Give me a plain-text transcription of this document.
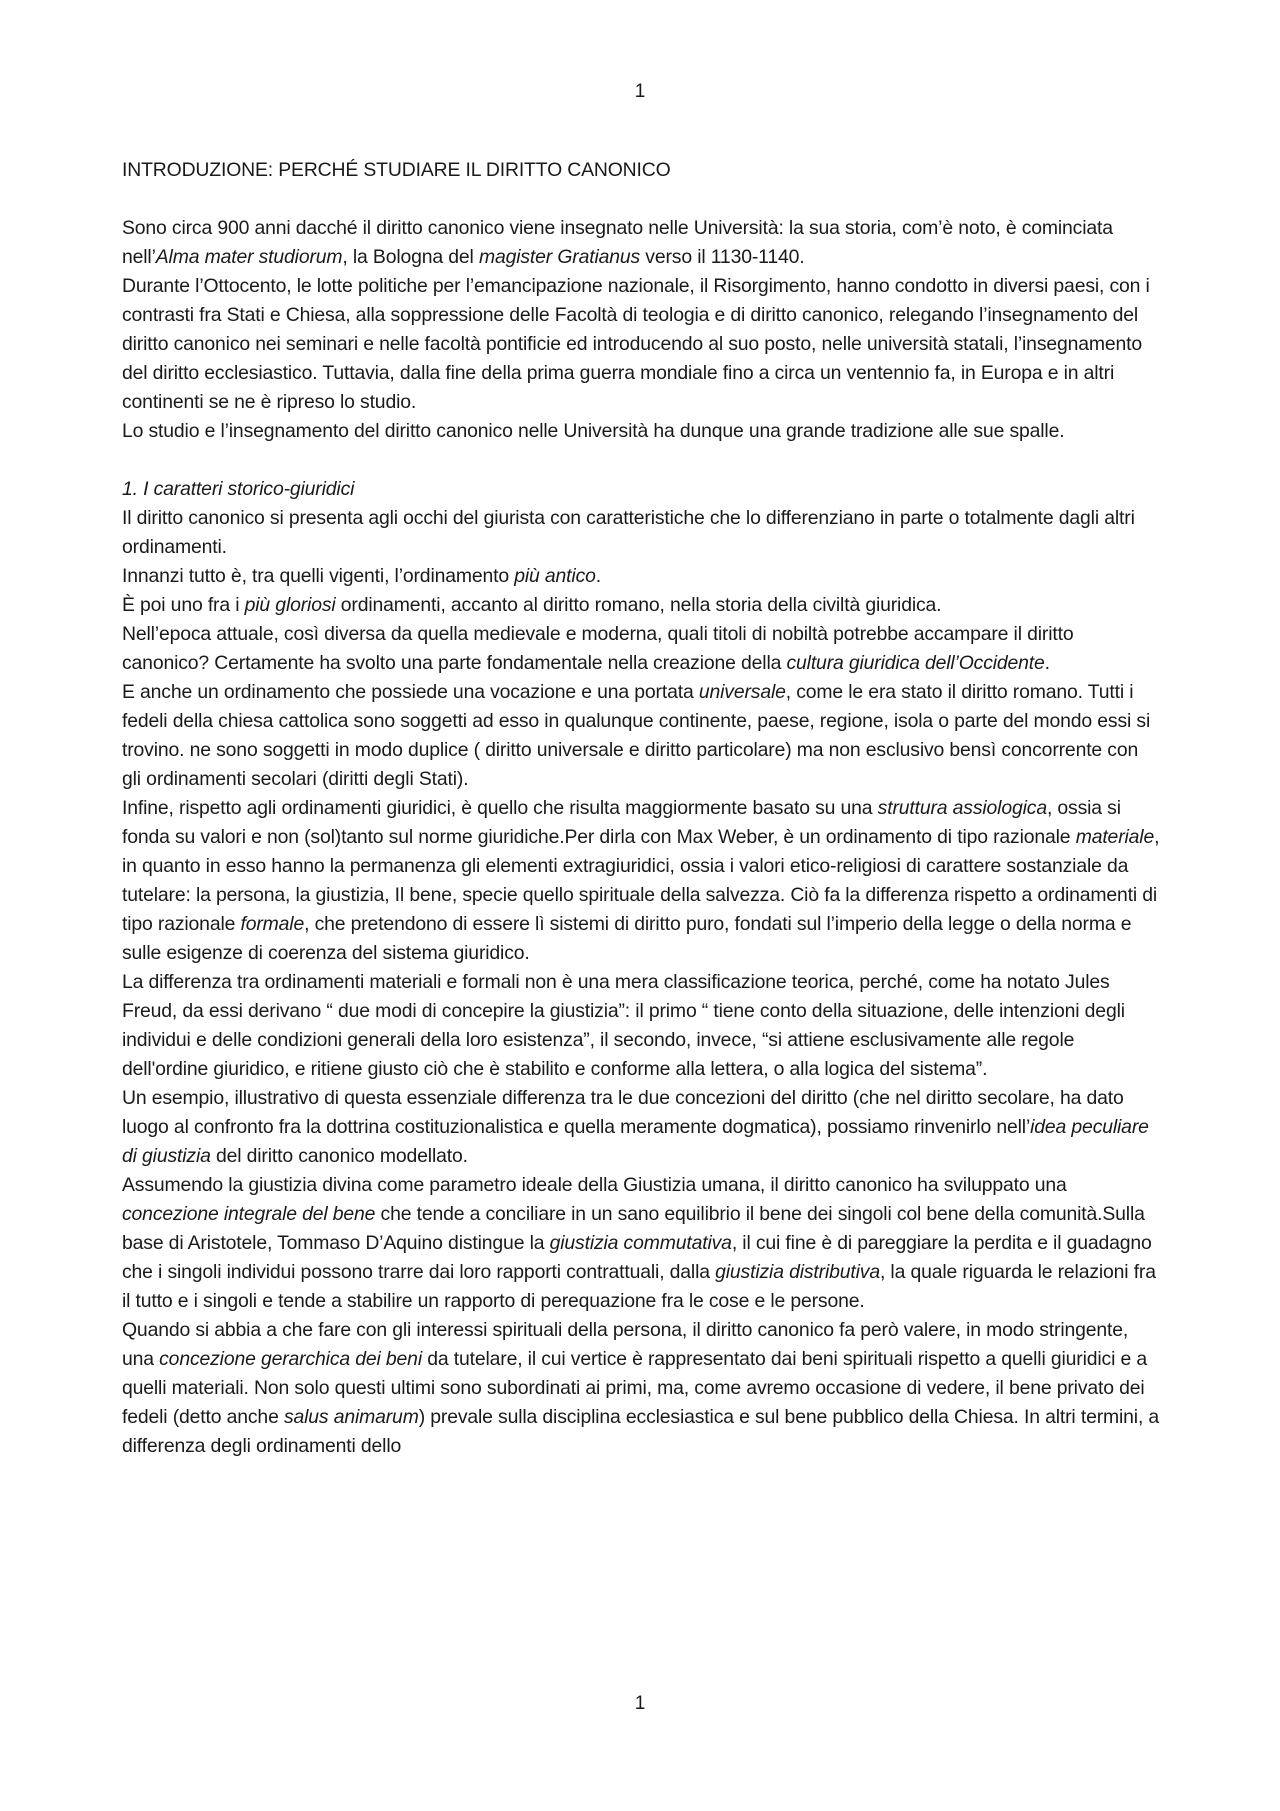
1

INTRODUZIONE: PERCHÉ STUDIARE IL DIRITTO CANONICO

Sono circa 900 anni dacché il diritto canonico viene insegnato nelle Università: la sua storia, com’è noto, è cominciata nell’Alma mater studiorum, la Bologna del magister Gratianus verso il 1130-1140.

Durante l’Ottocento, le lotte politiche per l’emancipazione nazionale, il Risorgimento, hanno condotto in diversi paesi, con i contrasti fra Stati e Chiesa, alla soppressione delle Facoltà di teologia e di diritto canonico, relegando l’insegnamento del diritto canonico nei seminari e nelle facoltà pontificie ed introducendo al suo posto, nelle università statali, l’insegnamento del diritto ecclesiastico. Tuttavia, dalla fine della prima guerra mondiale fino a circa un ventennio fa, in Europa e in altri continenti se ne è ripreso lo studio.

Lo studio e l’insegnamento del diritto canonico nelle Università ha dunque una grande tradizione alle sue spalle.

1. I caratteri storico-giuridici

Il diritto canonico si presenta agli occhi del giurista con caratteristiche che lo differenziano in parte o totalmente dagli altri ordinamenti.

Innanzi tutto è, tra quelli vigenti, l’ordinamento più antico.

È poi uno fra i più gloriosi ordinamenti, accanto al diritto romano, nella storia della civiltà giuridica.

Nell’epoca attuale, così diversa da quella medievale e moderna, quali titoli di nobiltà potrebbe accampare il diritto canonico? Certamente ha svolto una parte fondamentale nella creazione della cultura giuridica dell’Occidente.

E anche un ordinamento che possiede una vocazione e una portata universale, come le era stato il diritto romano. Tutti i fedeli della chiesa cattolica sono soggetti ad esso in qualunque continente, paese, regione, isola o parte del mondo essi si trovino. ne sono soggetti in modo duplice ( diritto universale e diritto particolare) ma non esclusivo bensì concorrente con gli ordinamenti secolari (diritti degli Stati).

Infine, rispetto agli ordinamenti giuridici, è quello che risulta maggiormente basato su una struttura assiologica, ossia si fonda su valori e non (sol)tanto sul norme giuridiche.Per dirla con Max Weber, è un ordinamento di tipo razionale materiale, in quanto in esso hanno la permanenza gli elementi extragiuridici, ossia i valori etico-religiosi di carattere sostanziale da tutelare: la persona, la giustizia, Il bene, specie quello spirituale della salvezza. Ciò fa la differenza rispetto a ordinamenti di tipo razionale formale, che pretendono di essere lì sistemi di diritto puro, fondati sul l’imperio della legge o della norma e sulle esigenze di coerenza del sistema giuridico.

La differenza tra ordinamenti materiali e formali non è una mera classificazione teorica, perché, come ha notato Jules Freud, da essi derivano “ due modi di concepire la giustizia”: il primo “ tiene conto della situazione, delle intenzioni degli individui e delle condizioni generali della loro esistenza”, il secondo, invece, “si attiene esclusivamente alle regole dell'ordine giuridico, e ritiene giusto ciò che è stabilito e conforme alla lettera, o alla logica del sistema”.

Un esempio, illustrativo di questa essenziale differenza tra le due concezioni del diritto (che nel diritto secolare, ha dato luogo al confronto fra la dottrina costituzionalistica e quella meramente dogmatica), possiamo rinvenirlo nell’idea peculiare di giustizia del diritto canonico modellato.

Assumendo la giustizia divina come parametro ideale della Giustizia umana, il diritto canonico ha sviluppato una concezione integrale del bene che tende a conciliare in un sano equilibrio il bene dei singoli col bene della comunità.Sulla base di Aristotele, Tommaso D’Aquino distingue la giustizia commutativa, il cui fine è di pareggiare la perdita e il guadagno che i singoli individui possono trarre dai loro rapporti contrattuali, dalla giustizia distributiva, la quale riguarda le relazioni fra il tutto e i singoli e tende a stabilire un rapporto di perequazione fra le cose e le persone.

Quando si abbia a che fare con gli interessi spirituali della persona, il diritto canonico fa però valere, in modo stringente, una concezione gerarchica dei beni da tutelare, il cui vertice è rappresentato dai beni spirituali rispetto a quelli giuridici e a quelli materiali. Non solo questi ultimi sono subordinati ai primi, ma, come avremo occasione di vedere, il bene privato dei fedeli (detto anche salus animarum) prevale sulla disciplina ecclesiastica e sul bene pubblico della Chiesa. In altri termini, a differenza degli ordinamenti dello

1
